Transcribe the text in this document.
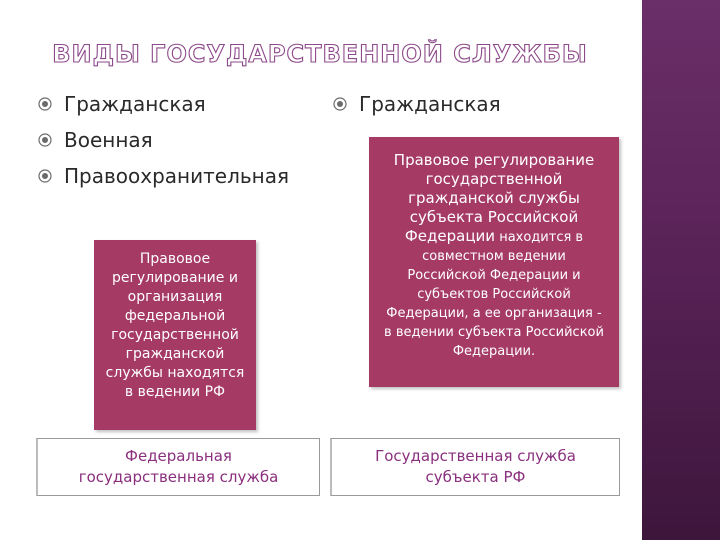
ВИДЫ ГОСУДАРСТВЕННОЙ СЛУЖБЫ
Гражданская
Военная
Правоохранительная
Гражданская
Правовое
регулирование и
организация
федеральной
государственной
гражданской
службы находятся
в ведении РФ
Правовое регулирование
государственной
гражданской службы
субъекта Российской
Федерации находится в
совместном ведении
Российской Федерации и
субъектов Российской
Федерации, а ее организация -
в ведении субъекта Российской
Федерации.
Федеральная
государственная служба
Государственная служба
субъекта РФ
